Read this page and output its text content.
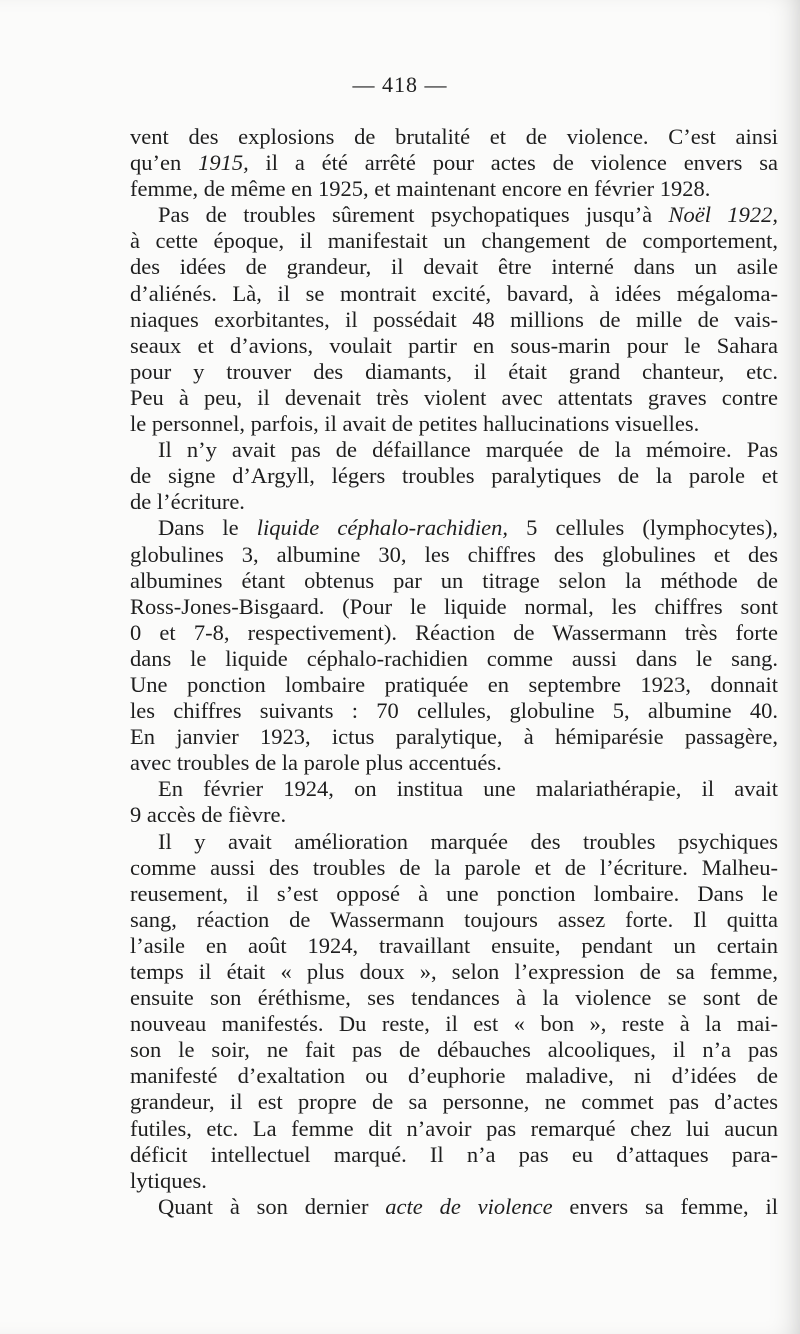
— 418 —
vent des explosions de brutalité et de violence. C’est ainsi
qu’en 1915, il a été arrêté pour actes de violence envers sa
femme, de même en 1925, et maintenant encore en février 1928.
Pas de troubles sûrement psychopatiques jusqu’à Noël 1922,
à cette époque, il manifestait un changement de comportement,
des idées de grandeur, il devait être interné dans un asile
d’aliénés. Là, il se montrait excité, bavard, à idées mégaloma-
niaques exorbitantes, il possédait 48 millions de mille de vais-
seaux et d’avions, voulait partir en sous-marin pour le Sahara
pour y trouver des diamants, il était grand chanteur, etc.
Peu à peu, il devenait très violent avec attentats graves contre
le personnel, parfois, il avait de petites hallucinations visuelles.
Il n’y avait pas de défaillance marquée de la mémoire. Pas
de signe d’Argyll, légers troubles paralytiques de la parole et
de l’écriture.
Dans le liquide céphalo-rachidien, 5 cellules (lymphocytes),
globulines 3, albumine 30, les chiffres des globulines et des
albumines étant obtenus par un titrage selon la méthode de
Ross-Jones-Bisgaard. (Pour le liquide normal, les chiffres sont
0 et 7-8, respectivement). Réaction de Wassermann très forte
dans le liquide céphalo-rachidien comme aussi dans le sang.
Une ponction lombaire pratiquée en septembre 1923, donnait
les chiffres suivants : 70 cellules, globuline 5, albumine 40.
En janvier 1923, ictus paralytique, à hémiparésie passagère,
avec troubles de la parole plus accentués.
En février 1924, on institua une malariathérapie, il avait
9 accès de fièvre.
Il y avait amélioration marquée des troubles psychiques
comme aussi des troubles de la parole et de l’écriture. Malheu-
reusement, il s’est opposé à une ponction lombaire. Dans le
sang, réaction de Wassermann toujours assez forte. Il quitta
l’asile en août 1924, travaillant ensuite, pendant un certain
temps il était « plus doux », selon l’expression de sa femme,
ensuite son éréthisme, ses tendances à la violence se sont de
nouveau manifestés. Du reste, il est « bon », reste à la mai-
son le soir, ne fait pas de débauches alcooliques, il n’a pas
manifesté d’exaltation ou d’euphorie maladive, ni d’idées de
grandeur, il est propre de sa personne, ne commet pas d’actes
futiles, etc. La femme dit n’avoir pas remarqué chez lui aucun
déficit intellectuel marqué. Il n’a pas eu d’attaques para-
lytiques.
Quant à son dernier acte de violence envers sa femme, il
